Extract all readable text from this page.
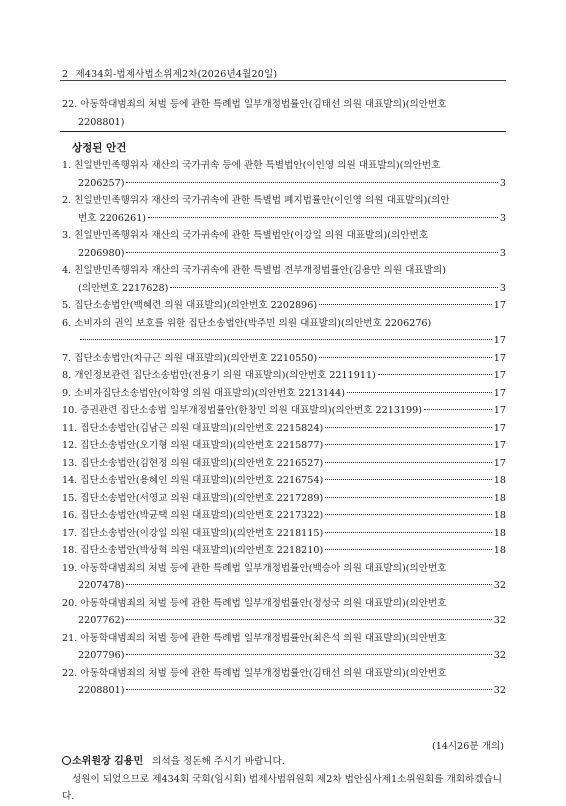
2 제434회-법제사법소위제2차(2026년4월20일)
22. 아동학대범죄의 처벌 등에 관한 특례법 일부개정법률안(김태선 의원 대표발의)(의안번호
2208801)
상정된 안건
1. 친일반민족행위자 재산의 국가귀속 등에 관한 특별법안(이인영 의원 대표발의)(의안번호
2206257)	3
2. 친일반민족행위자 재산의 국가귀속에 관한 특별법 폐지법률안(이인영 의원 대표발의)(의안
번호 2206261)	3
3. 친일반민족행위자 재산의 국가귀속에 관한 특별법안(이강일 의원 대표발의)(의안번호
2206980)	3
4. 친일반민족행위자 재산의 국가귀속에 관한 특별법 전부개정법률안(김용만 의원 대표발의)
(의안번호 2217628)	3
5. 집단소송법안(백혜련 의원 대표발의)(의안번호 2202896)	17
6. 소비자의 권익 보호를 위한 집단소송법안(박주민 의원 대표발의)(의안번호 2206276)
17
7. 집단소송법안(차규근 의원 대표발의)(의안번호 2210550)	17
8. 개인정보관련 집단소송법안(전용기 의원 대표발의)(의안번호 2211911)	17
9. 소비자집단소송법안(이학영 의원 대표발의)(의안번호 2213144)	17
10. 증권관련 집단소송법 일부개정법률안(한창민 의원 대표발의)(의안번호 2213199)	17
11. 집단소송법안(김남근 의원 대표발의)(의안번호 2215824)	17
12. 집단소송법안(오기형 의원 대표발의)(의안번호 2215877)	17
13. 집단소송법안(김현정 의원 대표발의)(의안번호 2216527)	17
14. 집단소송법안(용혜인 의원 대표발의)(의안번호 2216754)	18
15. 집단소송법안(서영교 의원 대표발의)(의안번호 2217289)	18
16. 집단소송법안(박균택 의원 대표발의)(의안번호 2217322)	18
17. 집단소송법안(이강일 의원 대표발의)(의안번호 2218115)	18
18. 집단소송법안(박상혁 의원 대표발의)(의안번호 2218210)	18
19. 아동학대범죄의 처벌 등에 관한 특례법 일부개정법률안(백승아 의원 대표발의)(의안번호
2207478)	32
20. 아동학대범죄의 처벌 등에 관한 특례법 일부개정법률안(정성국 의원 대표발의)(의안번호
2207762)	32
21. 아동학대범죄의 처벌 등에 관한 특례법 일부개정법률안(최은석 의원 대표발의)(의안번호
2207796)	32
22. 아동학대범죄의 처벌 등에 관한 특례법 일부개정법률안(김태선 의원 대표발의)(의안번호
2208801)	32
(14시26분 개의)
소위원장 김용민 의석을 정돈해 주시기 바랍니다.
성원이 되었으므로 제434회 국회(임시회) 법제사법위원회 제2차 법안심사제1소위원회를 개회하겠습니다.
